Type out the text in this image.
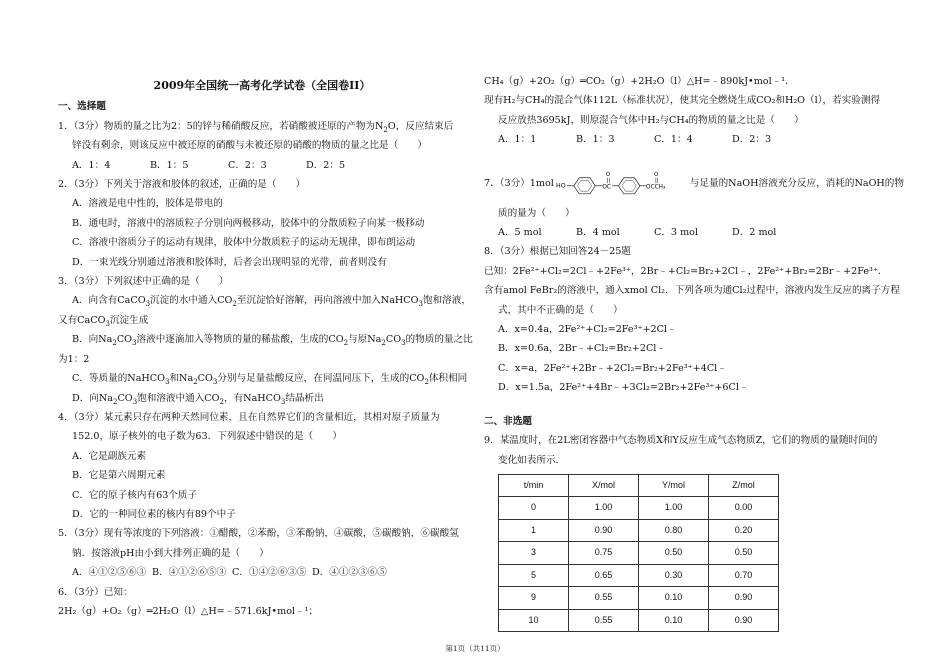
2009年全国统一高考化学试卷（全国卷II）
一、选择题
1．（3分）物质的量之比为2：5的锌与稀硝酸反应，若硝酸被还原的产物为$N_2O$，反应结束后
锌没有剩余，则该反应中被还原的硝酸与未被还原的硝酸的物质的量之比是（　　）
A．1：4	B．1：5	C．2：3	D．2：5
2．（3分）下列关于溶液和胶体的叙述，正确的是（　　）
A．溶液是电中性的，胶体是带电的
B．通电时，溶液中的溶质粒子分别向两极移动，胶体中的分散质粒子向某一极移动
C．溶液中溶质分子的运动有规律，胶体中分散质粒子的运动无规律，即布朗运动
D．一束光线分别通过溶液和胶体时，后者会出现明显的光带，前者则没有
3．（3分）下列叙述中正确的是（　　）
A．向含有CaCO$_3$沉淀的水中通入$CO_2$至沉淀恰好溶解，再向溶液中加入NaHCO$_3$饱和溶液，
又有CaCO$_3$沉淀生成
B．向$Na_2CO_3$溶液中逐滴加入等物质的量的稀盐酸，生成的$CO_2$与原$Na_2CO_3$的物质的量之比
为1：2
C．等质量的NaHCO$_3$和$Na_2CO_3$分别与足量盐酸反应，在同温同压下，生成的$CO_2$体积相同
D．向$Na_2CO_3$饱和溶液中通入$CO_2$，有NaHCO$_3$结晶析出
4．（3分）某元素只存在两种天然同位素，且在自然界它们的含量相近，其相对原子质量为
152.0，原子核外的电子数为63．下列叙述中错误的是（　　）
A．它是副族元素
B．它是第六周期元素
C．它的原子核内有63个质子
D．它的一种同位素的核内有89个中子
5．（3分）现有等浓度的下列溶液：①醋酸，②苯酚，③苯酚钠，④碳酸，⑤碳酸钠，⑥碳酸氢
钠．按溶液pH由小到大排列正确的是（　　）
A．④①②⑤⑥③ B．④①②⑥⑤③ C．①④②⑥③⑤ D．④①②③⑥⑤
6．（3分）已知：
2H₂（g）+O₂（g）═2H₂O（l）△H=﹣571.6kJ•mol﹣¹；
CH₄（g）+2O₂（g）═CO₂（g）+2H₂O（l）△H=﹣890kJ•mol﹣¹．
现有H₂与CH₄的混合气体112L（标准状况），使其完全燃烧生成CO₂和H₂O（l），若实验测得
反应放热3695kJ，则原混合气体中H₂与CH₄的物质的量之比是（　　）
A．1：1	B．1：3	C．1：4	D．2：3
7．（3分）1mol HO	OC
O
OCCH₃
O
与足量的NaOH溶液充分反应，消耗的NaOH的物
质的量为（　　）
A．5 mol	B．4 mol	C．3 mol	D．2 mol
8．（3分）根据已知回答24－25题
已知：2Fe²⁺+Cl₂=2Cl﹣+2Fe³⁺，2Br﹣+Cl₂=Br₂+2Cl﹣，2Fe²⁺+Br₂=2Br﹣+2Fe³⁺．
含有amol FeBr₂的溶液中，通入xmol Cl₂．下列各项为通Cl₂过程中，溶液内发生反应的离子方程
式，其中不正确的是（　　）
A．x=0.4a，2Fe²⁺+Cl₂=2Fe³⁺+2Cl﹣
B．x=0.6a，2Br﹣+Cl₂=Br₂+2Cl﹣
C．x=a，2Fe²⁺+2Br﹣+2Cl₂=Br₂+2Fe³⁺+4Cl﹣
D．x=1.5a，2Fe²⁺+4Br﹣+3Cl₂=2Br₂+2Fe³⁺+6Cl﹣
二、非选题
9．某温度时，在2L密闭容器中气态物质X和Y反应生成气态物质Z，它们的物质的量随时间的
变化如表所示．
t/min	X/mol	Y/mol	Z/mol
0	1.00	1.00	0.00
1	0.90	0.80	0.20
3	0.75	0.50	0.50
5	0.65	0.30	0.70
9	0.55	0.10	0.90
10	0.55	0.10	0.90
第1页（共11页）
